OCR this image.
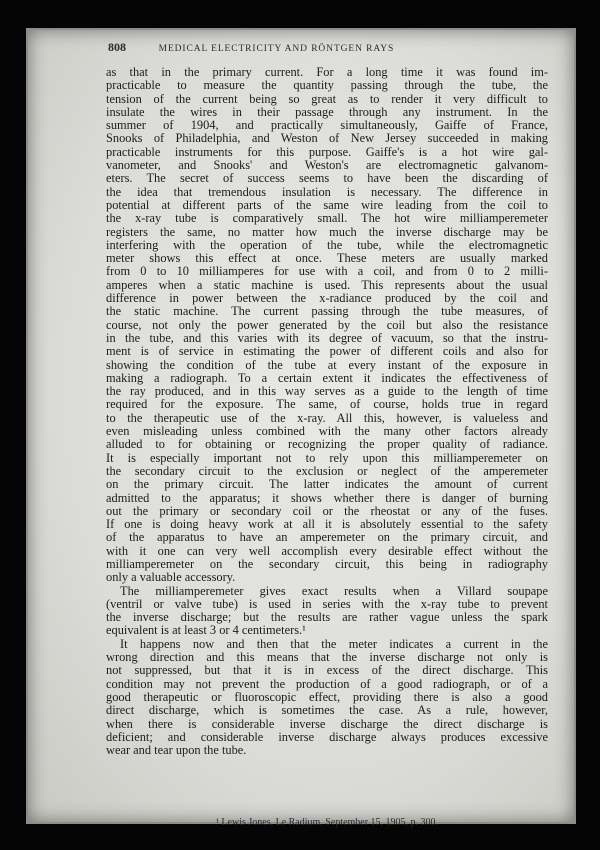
808	MEDICAL ELECTRICITY AND RÖNTGEN RAYS
as that in the primary current. For a long time it was found im-
practicable to measure the quantity passing through the tube, the
tension of the current being so great as to render it very difficult to
insulate the wires in their passage through any instrument. In the
summer of 1904, and practically simultaneously, Gaiffe of France,
Snooks of Philadelphia, and Weston of New Jersey succeeded in making
practicable instruments for this purpose. Gaiffe's is a hot wire gal-
vanometer, and Snooks' and Weston's are electromagnetic galvanom-
eters. The secret of success seems to have been the discarding of
the idea that tremendous insulation is necessary. The difference in
potential at different parts of the same wire leading from the coil to
the x-ray tube is comparatively small. The hot wire milliamperemeter
registers the same, no matter how much the inverse discharge may be
interfering with the operation of the tube, while the electromagnetic
meter shows this effect at once. These meters are usually marked
from 0 to 10 milliamperes for use with a coil, and from 0 to 2 milli-
amperes when a static machine is used. This represents about the usual
difference in power between the x-radiance produced by the coil and
the static machine. The current passing through the tube measures, of
course, not only the power generated by the coil but also the resistance
in the tube, and this varies with its degree of vacuum, so that the instru-
ment is of service in estimating the power of different coils and also for
showing the condition of the tube at every instant of the exposure in
making a radiograph. To a certain extent it indicates the effectiveness of
the ray produced, and in this way serves as a guide to the length of time
required for the exposure. The same, of course, holds true in regard
to the therapeutic use of the x-ray. All this, however, is valueless and
even misleading unless combined with the many other factors already
alluded to for obtaining or recognizing the proper quality of radiance.
It is especially important not to rely upon this milliamperemeter on
the secondary circuit to the exclusion or neglect of the amperemeter
on the primary circuit. The latter indicates the amount of current
admitted to the apparatus; it shows whether there is danger of burning
out the primary or secondary coil or the rheostat or any of the fuses.
If one is doing heavy work at all it is absolutely essential to the safety
of the apparatus to have an amperemeter on the primary circuit, and
with it one can very well accomplish every desirable effect without the
milliamperemeter on the secondary circuit, this being in radiography
only a valuable accessory.
The milliamperemeter gives exact results when a Villard soupape
(ventril or valve tube) is used in series with the x-ray tube to prevent
the inverse discharge; but the results are rather vague unless the spark
equivalent is at least 3 or 4 centimeters.¹
It happens now and then that the meter indicates a current in the
wrong direction and this means that the inverse discharge not only is
not suppressed, but that it is in excess of the direct discharge. This
condition may not prevent the production of a good radiograph, or of a
good therapeutic or fluoroscopic effect, providing there is also a good
direct discharge, which is sometimes the case. As a rule, however,
when there is considerable inverse discharge the direct discharge is
deficient; and considerable inverse discharge always produces excessive
wear and tear upon the tube.
¹ Lewis Jones, Le Radium, September 15, 1905, p. 300.
